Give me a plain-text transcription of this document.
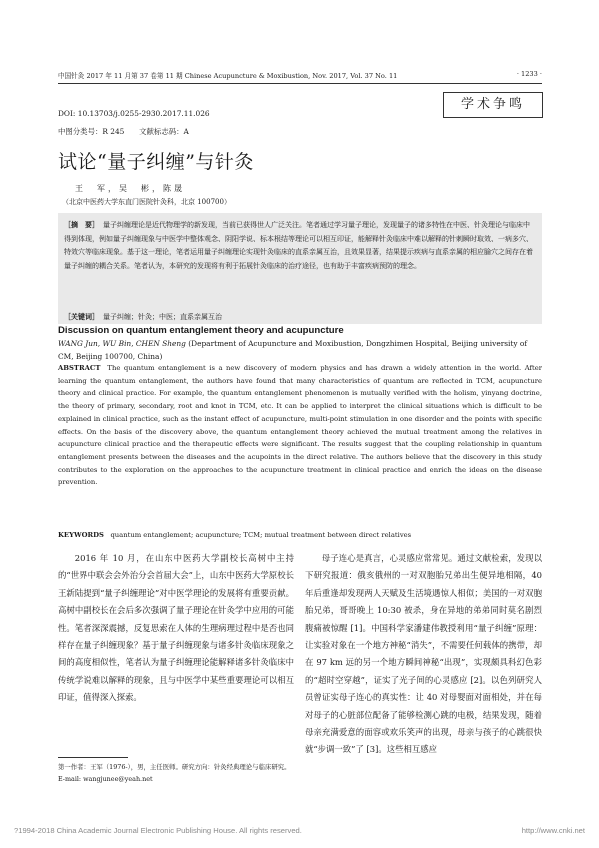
中国针灸 2017 年 11 月第 37 卷第 11 期 Chinese Acupuncture & Moxibustion, Nov. 2017, Vol. 37 No. 11	· 1233 ·
学术争鸣
DOI: 10.13703/j.0255-2930.2017.11.026
中图分类号：R 245　　文献标志码：A
试论“量子纠缠”与针灸
王　军，吴　彬，陈晟
（北京中医药大学东直门医院针灸科，北京 100700）
［摘　要］ 量子纠缠理论是近代物理学的新发现，当前已获得世人广泛关注。笔者通过学习量子理论，发现量子的诸多特性在中医、针灸理论与临床中得到体现，例如量子纠缠现象与中医学中整体观念、阴阳学说、标本根结等理论可以相互印证，能解释针灸临床中难以解释的针刺瞬时取效、一病多穴、特效穴等临床现象。基于这一理论，笔者运用量子纠缠理论实现针灸临床的直系亲属互治，且效果显著，结果提示疾病与直系亲属的相应腧穴之间存在着量子纠缠的耦合关系。笔者认为，本研究的发现将有利于拓展针灸临床的治疗途径，也有助于丰富疾病预防的理念。
［关键词］ 量子纠缠；针灸；中医；直系亲属互治
Discussion on quantum entanglement theory and acupuncture
WANG Jun, WU Bin, CHEN Sheng (Department of Acupuncture and Moxibustion, Dongzhimen Hospital, Beijing university of CM, Beijing 100700, China)
ABSTRACT The quantum entanglement is a new discovery of modern physics and has drawn a widely attention in the world. After learning the quantum entanglement, the authors have found that many characteristics of quantum are reflected in TCM, acupuncture theory and clinical practice. For example, the quantum entanglement phenomenon is mutually verified with the holism, yinyang doctrine, the theory of primary, secondary, root and knot in TCM, etc. It can be applied to interpret the clinical situations which is difficult to be explained in clinical practice, such as the instant effect of acupuncture, multi-point stimulation in one disorder and the points with specific effects. On the basis of the discovery above, the quantum entanglement theory achieved the mutual treatment among the relatives in acupuncture clinical practice and the therapeutic effects were significant. The results suggest that the coupling relationship in quantum entanglement presents between the diseases and the acupoints in the direct relative. The authors believe that the discovery in this study contributes to the exploration on the approaches to the acupuncture treatment in clinical practice and enrich the ideas on the disease prevention.
KEYWORDS quantum entanglement; acupuncture; TCM; mutual treatment between direct relatives
2016 年 10 月，在山东中医药大学副校长高树中主持的“世界中联会会外治分会首届大会”上，山东中医药大学原校长王新陆提到“量子纠缠理论”对中医学理论的发展将有重要贡献。高树中副校长在会后多次强调了量子理论在针灸学中应用的可能性。笔者深深震撼，反复思索在人体的生理病理过程中是否也同样存在量子纠缠现象？基于量子纠缠现象与诸多针灸临床现象之间的高度相似性，笔者认为量子纠缠理论能解释诸多针灸临床中传统学说难以解释的现象，且与中医学中某些重要理论可以相互印证，值得深入探索。
母子连心是真言，心灵感应常常见。通过文献检索，发现以下研究报道：俄亥俄州的一对双胞胎兄弟出生便异地相隔，40 年后重逢却发现两人天赋及生活境遇惊人相似；美国的一对双胞胎兄弟，哥哥晚上 10:30 被杀，身在异地的弟弟同时莫名剧烈腹痛被惊醒 [1]。中国科学家潘建伟教授利用“量子纠缠”原理：让实验对象在一个地方神秘“消失”，不需要任何载体的携带，却在 97 km 远的另一个地方瞬间神秘“出现”，实现颇具科幻色彩的“超时空穿越”，证实了光子间的心灵感应 [2]。以色列研究人员曾证实母子连心的真实性：让 40 对母婴面对面相处，并在每对母子的心脏部位配备了能够检测心跳的电极，结果发现，随着母亲充满爱意的面容或欢乐笑声的出现，母亲与孩子的心跳很快就“步调一致”了 [3]。这些相互感应
第一作者：王军（1976-），男，主任医师。研究方向：针灸经典理论与临床研究。E-mail: wangjunee@yeah.net
?1994-2018 China Academic Journal Electronic Publishing House. All rights reserved.	http://www.cnki.net
